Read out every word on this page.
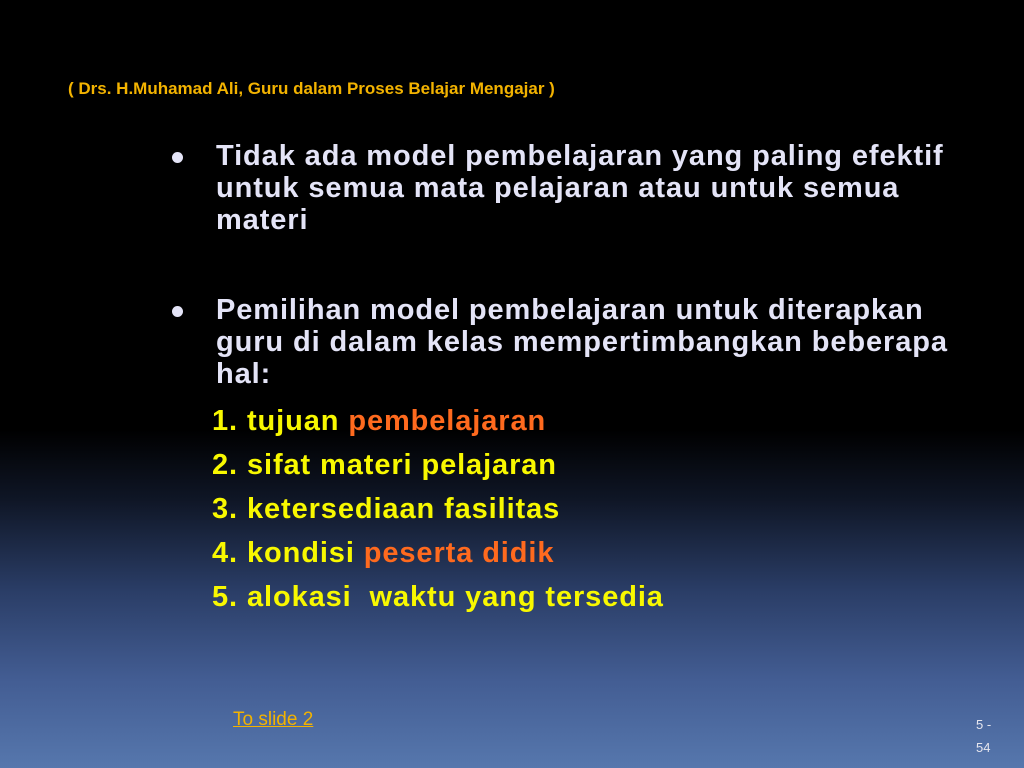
( Drs. H.Muhamad Ali, Guru dalam Proses Belajar Mengajar )
Tidak ada model pembelajaran yang paling efektif
untuk semua mata pelajaran atau untuk semua
materi
Pemilihan model pembelajaran untuk diterapkan
guru di dalam kelas mempertimbangkan beberapa
hal:
1. tujuan pembelajaran
2. sifat materi pelajaran
3. ketersediaan fasilitas
4. kondisi peserta didik
5. alokasi  waktu yang tersedia
To slide 2	5 - 54
